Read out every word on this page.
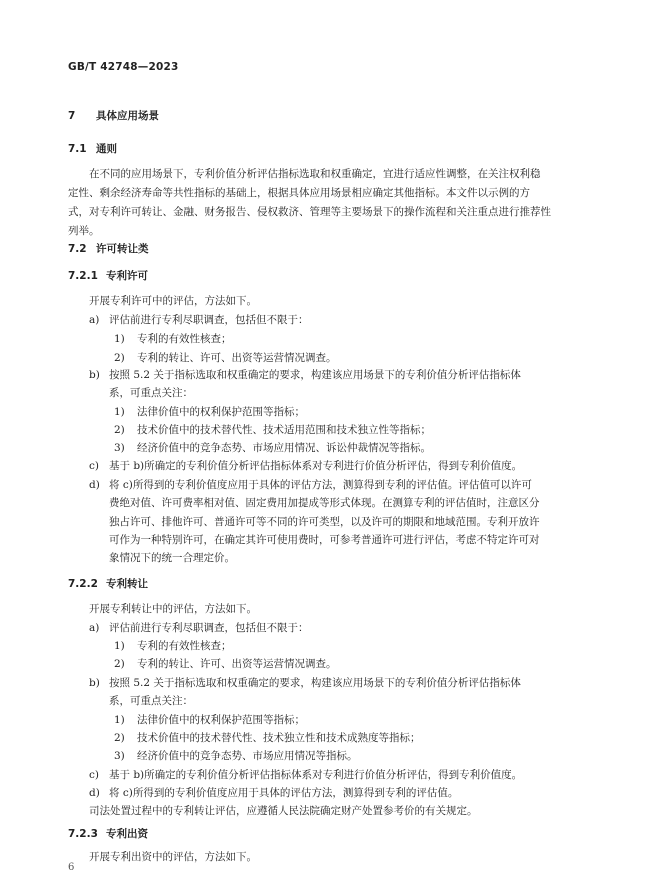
GB/T 42748—2023
7 具体应用场景
7.1 通则
在不同的应用场景下，专利价值分析评估指标选取和权重确定，宜进行适应性调整，在关注权利稳
定性、剩余经济寿命等共性指标的基础上，根据具体应用场景相应确定其他指标。本文件以示例的方
式，对专利许可转让、金融、财务报告、侵权救济、管理等主要场景下的操作流程和关注重点进行推荐性
列举。
7.2 许可转让类
7.2.1 专利许可
开展专利许可中的评估，方法如下。
a) 评估前进行专利尽职调查，包括但不限于：
1) 专利的有效性核查；
2) 专利的转让、许可、出资等运营情况调查。
b) 按照 5.2 关于指标选取和权重确定的要求，构建该应用场景下的专利价值分析评估指标体
系，可重点关注：
1) 法律价值中的权利保护范围等指标；
2) 技术价值中的技术替代性、技术适用范围和技术独立性等指标；
3) 经济价值中的竞争态势、市场应用情况、诉讼仲裁情况等指标。
c) 基于 b)所确定的专利价值分析评估指标体系对专利进行价值分析评估，得到专利价值度。
d) 将 c)所得到的专利价值度应用于具体的评估方法，测算得到专利的评估值。评估值可以许可
费绝对值、许可费率相对值、固定费用加提成等形式体现。在测算专利的评估值时，注意区分
独占许可、排他许可、普通许可等不同的许可类型，以及许可的期限和地域范围。专利开放许
可作为一种特别许可，在确定其许可使用费时，可参考普通许可进行评估，考虑不特定许可对
象情况下的统一合理定价。
7.2.2 专利转让
开展专利转让中的评估，方法如下。
a) 评估前进行专利尽职调查，包括但不限于：
1) 专利的有效性核查；
2) 专利的转让、许可、出资等运营情况调查。
b) 按照 5.2 关于指标选取和权重确定的要求，构建该应用场景下的专利价值分析评估指标体
系，可重点关注：
1) 法律价值中的权利保护范围等指标；
2) 技术价值中的技术替代性、技术独立性和技术成熟度等指标；
3) 经济价值中的竞争态势、市场应用情况等指标。
c) 基于 b)所确定的专利价值分析评估指标体系对专利进行价值分析评估，得到专利价值度。
d) 将 c)所得到的专利价值度应用于具体的评估方法，测算得到专利的评估值。
司法处置过程中的专利转让评估，应遵循人民法院确定财产处置参考价的有关规定。
7.2.3 专利出资
开展专利出资中的评估，方法如下。
6
